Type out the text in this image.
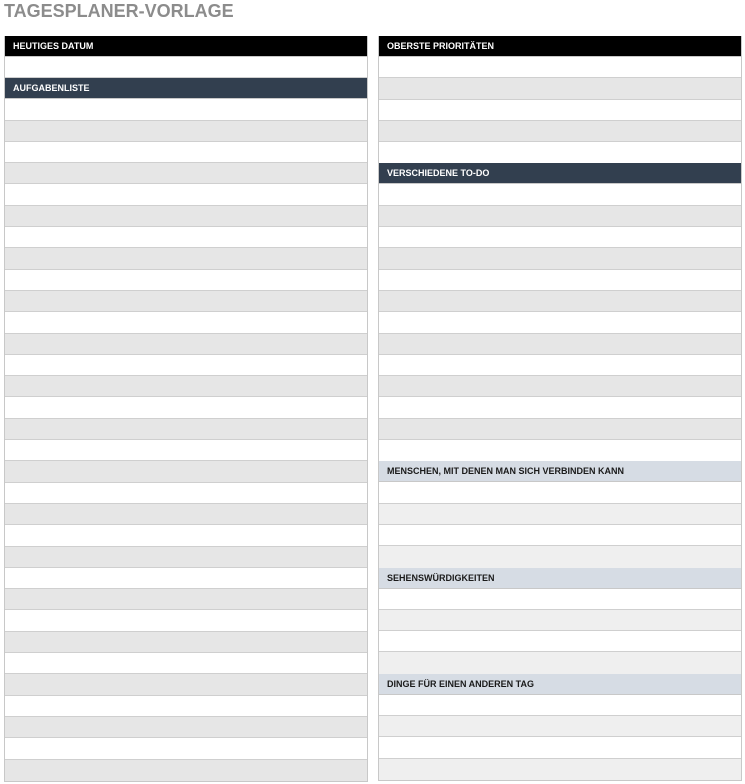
TAGESPLANER-VORLAGE
HEUTIGES DATUM
AUFGABENLISTE
OBERSTE PRIORITÄTEN
VERSCHIEDENE TO-DO
MENSCHEN, MIT DENEN MAN SICH VERBINDEN KANN
SEHENSWÜRDIGKEITEN
DINGE FÜR EINEN ANDEREN TAG
